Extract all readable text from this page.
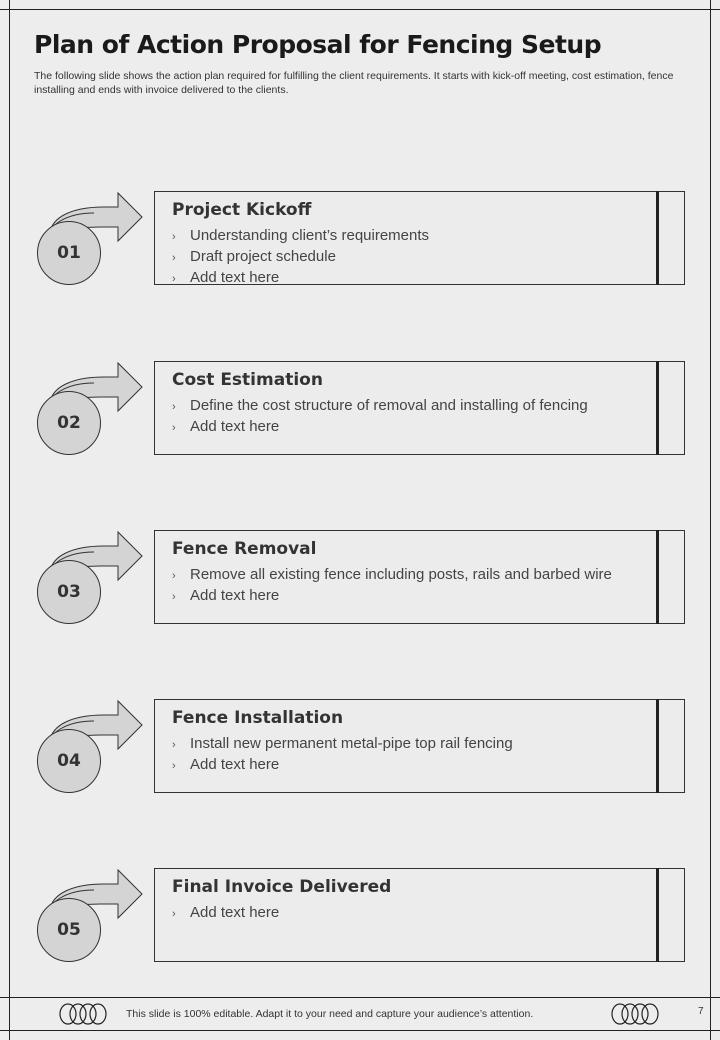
Plan of Action Proposal for Fencing Setup

The following slide shows the action plan required for fulfilling the client requirements. It starts with kick-off meeting, cost estimation, fence installing and ends with invoice delivered to the clients.

01
Project Kickoff
› Understanding client’s requirements
› Draft project schedule
› Add text here
02
Cost Estimation
› Define the cost structure of removal and installing of fencing
› Add text here
03
Fence Removal
› Remove all existing fence including posts, rails and barbed wire
› Add text here
04
Fence Installation
› Install new permanent metal-pipe top rail fencing
› Add text here
05
Final Invoice Delivered
› Add text here
This slide is 100% editable. Adapt it to your need and capture your audience’s attention.	7
